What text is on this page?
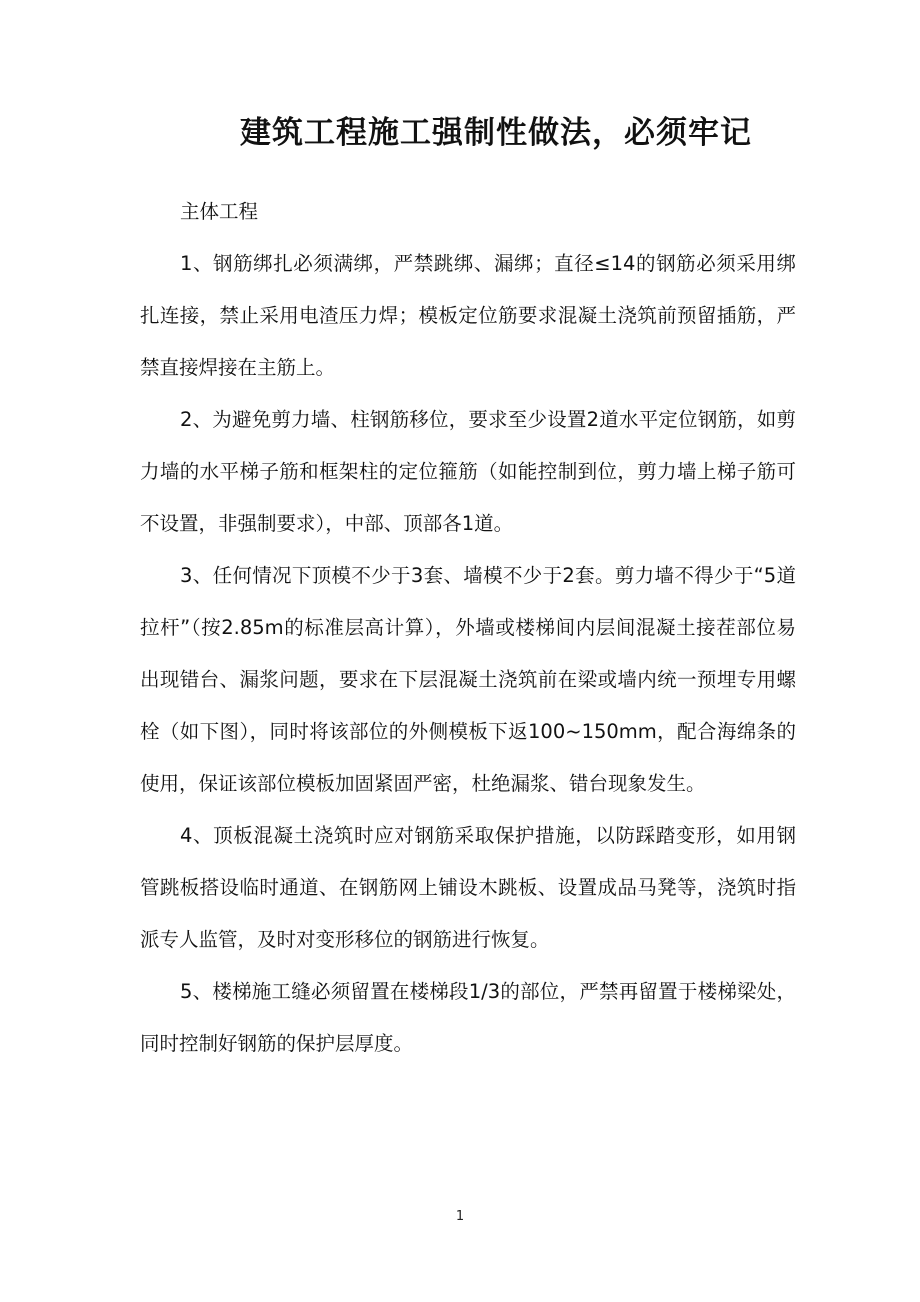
建筑工程施工强制性做法，必须牢记

主体工程

1、钢筋绑扎必须满绑，严禁跳绑、漏绑；直径≤14的钢筋必须采用绑扎连接，禁止采用电渣压力焊；模板定位筋要求混凝土浇筑前预留插筋，严禁直接焊接在主筋上。

2、为避免剪力墙、柱钢筋移位，要求至少设置2道水平定位钢筋，如剪力墙的水平梯子筋和框架柱的定位箍筋（如能控制到位，剪力墙上梯子筋可不设置，非强制要求），中部、顶部各1道。

3、任何情况下顶模不少于3套、墙模不少于2套。剪力墙不得少于“5道拉杆”（按2.85m的标准层高计算），外墙或楼梯间内层间混凝土接茬部位易出现错台、漏浆问题，要求在下层混凝土浇筑前在梁或墙内统一预埋专用螺栓（如下图），同时将该部位的外侧模板下返100~150mm，配合海绵条的使用，保证该部位模板加固紧固严密，杜绝漏浆、错台现象发生。

4、顶板混凝土浇筑时应对钢筋采取保护措施，以防踩踏变形，如用钢管跳板搭设临时通道、在钢筋网上铺设木跳板、设置成品马凳等，浇筑时指派专人监管，及时对变形移位的钢筋进行恢复。

5、楼梯施工缝必须留置在楼梯段1/3的部位，严禁再留置于楼梯梁处，同时控制好钢筋的保护层厚度。

1
